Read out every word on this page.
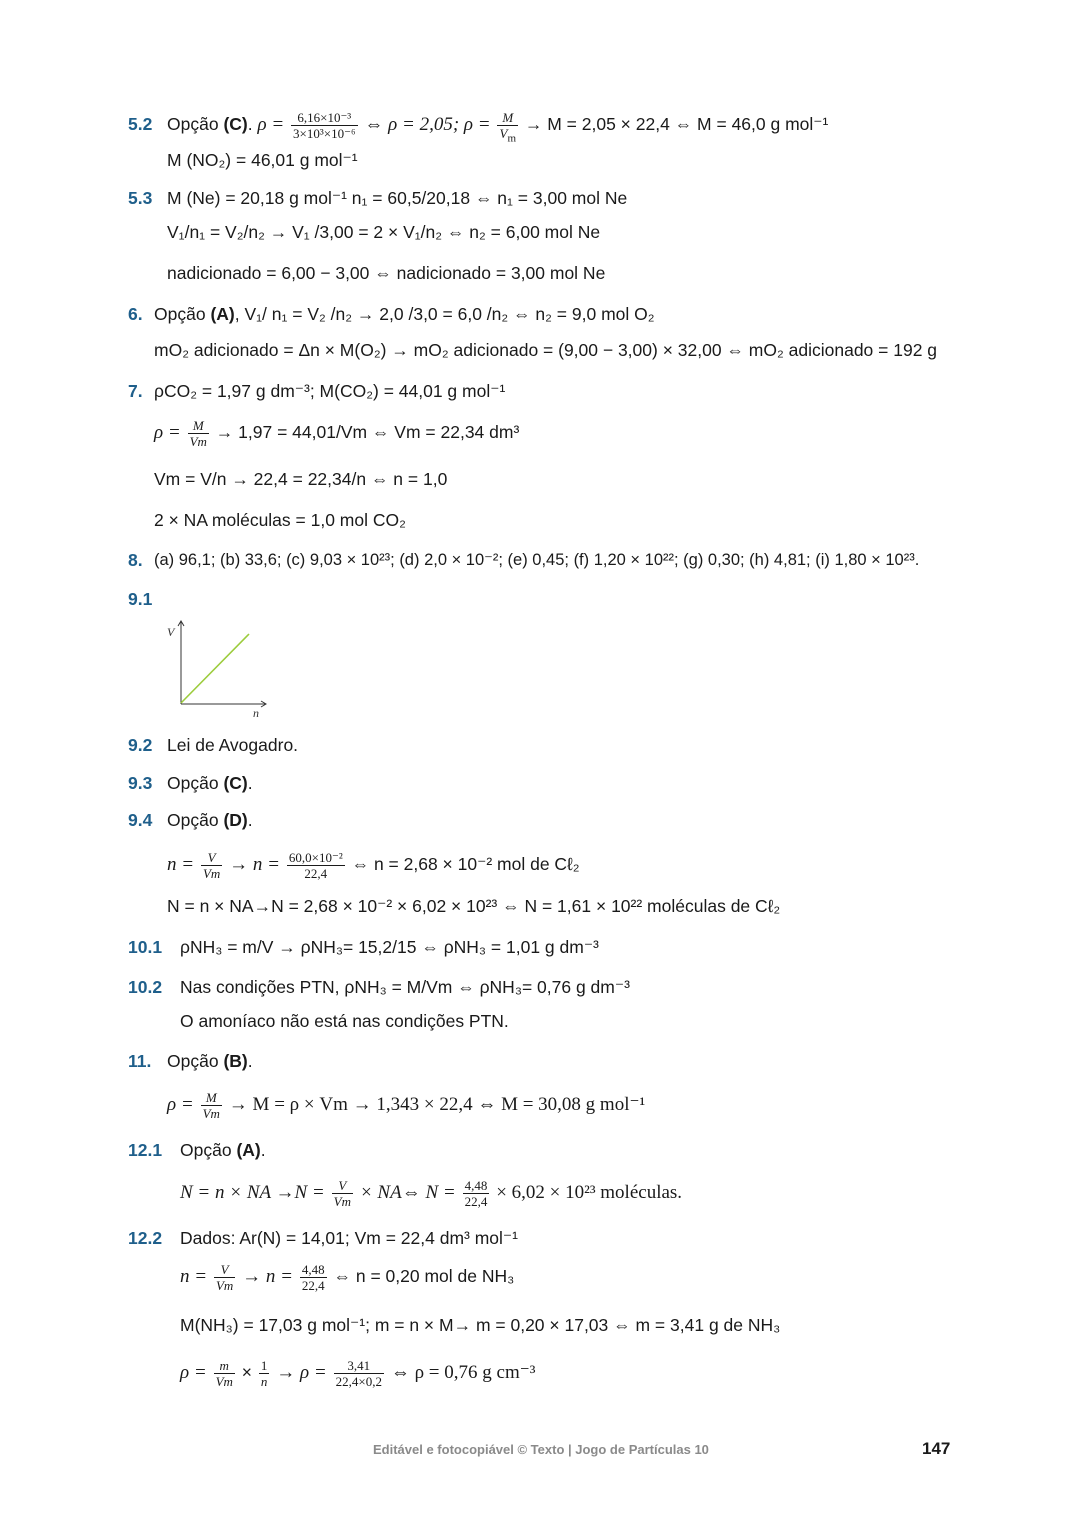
5.2 Opção (C). $\rho = \frac{\text{6,16×10⁻³}}{\text{3×10³×10⁻⁶}}$ ⇔ ρ = 2,05; $\rho = \frac{M}{V_m} \to M = 2,05 \times 22,4$ ⇔ M = 46,0 g mol⁻¹
M (NO₂) = 46,01 g mol⁻¹
5.3 M (Ne) = 20,18 g mol⁻¹ n₁ = 60,5/20,18 ⇔ n₁ = 3,00 mol Ne
V₁/n₁ = V₂/n₂ → V₁ /3,00 = 2 × V₁/n₂ ⇔ n₂ = 6,00 mol Ne
nadicionado = 6,00 − 3,00 ⇔ nadicionado = 3,00 mol Ne
6. Opção (A), V₁/ n₁ = V₂ /n₂ → 2,0 /3,0 = 6,0 /n₂ ⇔ n₂ = 9,0 mol O₂
mO₂ adicionado = Δn × M(O₂) → mO₂ adicionado = (9,00 − 3,00) × 32,00 ⇔ mO₂ adicionado = 192 g
7. ρCO₂ = 1,97 g dm⁻³; M(CO₂) = 44,01 g mol⁻¹
$\rho = \frac{M}{Vm} \to 1,97 = 44,01/Vm$ ⇔ Vm = 22,34 dm³
Vm = V/n → 22,4 = 22,34/n ⇔ n = 1,0
2 × NA moléculas = 1,0 mol CO₂
8. (a) 96,1; (b) 33,6; (c) 9,03 × 10²³; (d) 2,0 × 10⁻²; (e) 0,45; (f) 1,20 × 10²²; (g) 0,30; (h) 4,81; (i) 1,80 × 10²³.
9.1
V
n
9.2 Lei de Avogadro.
9.3 Opção (C).
9.4 Opção (D).
$n = \frac{V}{Vm} \to n = \frac{\text{60,0×10⁻²}}{22,4}$ ⇔ n = 2,68 × 10⁻² mol de Cℓ₂
N = n × NA→N = 2,68 × 10⁻² × 6,02 × 10²³ ⇔ N = 1,61 × 10²² moléculas de Cℓ₂
10.1 ρNH₃ = m/V → ρNH₃= 15,2/15 ⇔ ρNH₃ = 1,01 g dm⁻³
10.2 Nas condições PTN, ρNH₃ = M/Vm ⇔ ρNH₃= 0,76 g dm⁻³
O amoníaco não está nas condições PTN.
11. Opção (B).
$\rho = \frac{M}{Vm} \to M = \rho \times Vm \to 1,343 \times 22,4$ ⇔ M = 30,08 g mol⁻¹
12.1 Opção (A).
N = n × NA $\to N = \frac{V}{Vm}$ × NA⇔ $N = \frac{4,48}{22,4} \times 6,02 \times 10^{23}$ moléculas.
12.2 Dados: Ar(N) = 14,01; Vm = 22,4 dm³ mol⁻¹
$n = \frac{V}{Vm} \to n = \frac{4,48}{22,4}$ ⇔ n = 0,20 mol de NH₃
M(NH₃) = 17,03 g mol⁻¹; m = n × M→ m = 0,20 × 17,03 ⇔ m = 3,41 g de NH₃
$\rho = \frac{m}{Vm} \times \frac{1}{n} \to \rho = \frac{3,41}{22,4\times 0,2}$ ⇔ ρ = 0,76 g cm⁻³
Editável e fotocopiável © Texto | Jogo de Partículas 10	147
